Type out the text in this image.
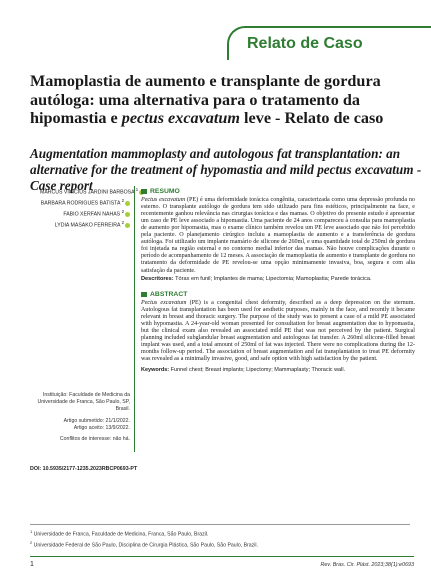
Relato de Caso
Mamoplastia de aumento e transplante de gordura autóloga: uma alternativa para o tratamento da hipomastia e pectus excavatum leve - Relato de caso
Augmentation mammoplasty and autologous fat transplantation: an alternative for the treatment of hypomastia and mild pectus excavatum - Case report
MARCUS VINICIUS JARDINI BARBOSA $^1$
BARBARA RODRIGUES BATISTA $^2$
FABIO XERFAN NAHAS $^2$
LYDIA MASAKO FERREIRA $^2$

Instituição: Faculdade de Medicina da Universidade de Franca, São Paulo, SP, Brasil.

Artigo submetido: 21/1/2022.

Artigo aceito: 13/9/2022.

Conflitos de interesse: não há.

RESUMO

Pectus excavatum (PE) é uma deformidade torácica congênita, caracterizada como uma depressão profunda no esterno. O transplante autólogo de gordura tem sido utilizado para fins estéticos, principalmente na face, e recentemente ganhou relevância nas cirurgias torácica e das mamas. O objetivo do presente estudo é apresentar um caso de PE leve associado a hipomastia. Uma paciente de 24 anos compareceu à consulta para mamoplastia de aumento por hipomastia, mas o exame clínico também revelou um PE leve associado que não foi percebido pela paciente. O planejamento cirúrgico incluiu a mamoplastia de aumento e a transferência de gordura autóloga. Foi utilizado um implante mamário de silicone de 260ml, e uma quantidade total de 250ml de gordura foi injetada na região esternal e no contorno medial inferior das mamas. Não houve complicações durante o período de acompanhamento de 12 meses. A associação de mamoplastia de aumento e transplante de gordura no tratamento da deformidade de PE revelou-se uma opção minimamente invasiva, boa, segura e com alta satisfação da paciente.

Descritores: Tórax em funil; Implantes de mama; Lipectomia; Mamoplastia; Parede torácica.

ABSTRACT

Pectus excavatum (PE) is a congenital chest deformity, described as a deep depression on the sternum. Autologous fat transplantation has been used for aesthetic purposes, mainly in the face, and recently it became relevant in breast and thoracic surgery. The purpose of the study was to present a case of a mild PE associated with hypomastia. A 24-year-old woman presented for consultation for breast augmentation due to hypomastia, but the clinical exam also revealed an associated mild PE that was not perceived by the patient. Surgical planning included subglandular breast augmentation and autologous fat transfer. A 260ml silicone-filled breast implant was used, and a total amount of 250ml of fat was injected. There were no complications during the 12-months follow-up period. The association of breast augmentation and fat transplantation to treat PE deformity was revealed as a minimally invasive, good, and safe option with high satisfaction by the patient.

Keywords: Funnel chest; Breast implants; Lipectomy; Mammaplasty; Thoracic wall.

DOI: 10.5935/2177-1235.2023RBCP0693-PT
$^1$ Universidade de Franca, Faculdade de Medicina, Franca, São Paulo, Brazil.
$^2$ Universidade Federal de São Paulo, Disciplina de Cirurgia Plástica, São Paulo, São Paulo, Brazil.
1	Rev. Bras. Cir. Plást. 2023;38(1):e0693
